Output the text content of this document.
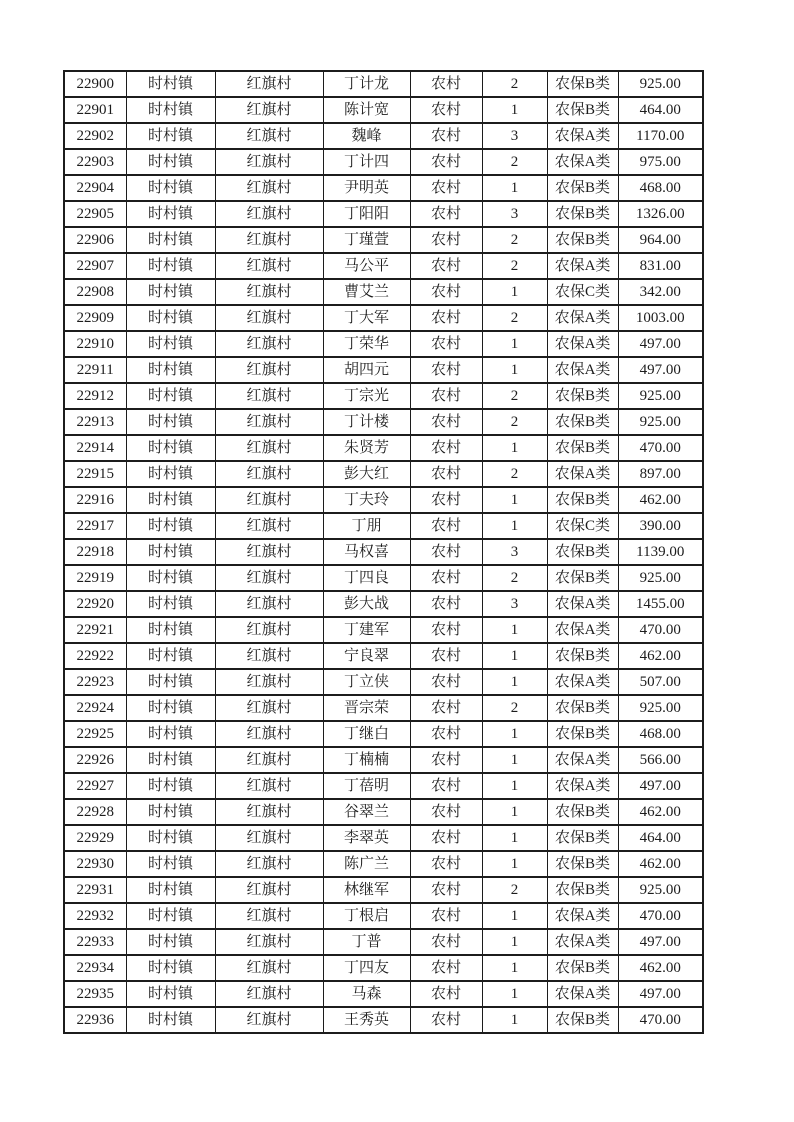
22900	时村镇	红旗村	丁计龙	农村	2	农保B类	925.00
22901	时村镇	红旗村	陈计宽	农村	1	农保B类	464.00
22902	时村镇	红旗村	魏峰	农村	3	农保A类	1170.00
22903	时村镇	红旗村	丁计四	农村	2	农保A类	975.00
22904	时村镇	红旗村	尹明英	农村	1	农保B类	468.00
22905	时村镇	红旗村	丁阳阳	农村	3	农保B类	1326.00
22906	时村镇	红旗村	丁瑾萱	农村	2	农保B类	964.00
22907	时村镇	红旗村	马公平	农村	2	农保A类	831.00
22908	时村镇	红旗村	曹艾兰	农村	1	农保C类	342.00
22909	时村镇	红旗村	丁大军	农村	2	农保A类	1003.00
22910	时村镇	红旗村	丁荣华	农村	1	农保A类	497.00
22911	时村镇	红旗村	胡四元	农村	1	农保A类	497.00
22912	时村镇	红旗村	丁宗光	农村	2	农保B类	925.00
22913	时村镇	红旗村	丁计楼	农村	2	农保B类	925.00
22914	时村镇	红旗村	朱贤芳	农村	1	农保B类	470.00
22915	时村镇	红旗村	彭大红	农村	2	农保A类	897.00
22916	时村镇	红旗村	丁夫玲	农村	1	农保B类	462.00
22917	时村镇	红旗村	丁朋	农村	1	农保C类	390.00
22918	时村镇	红旗村	马权喜	农村	3	农保B类	1139.00
22919	时村镇	红旗村	丁四良	农村	2	农保B类	925.00
22920	时村镇	红旗村	彭大战	农村	3	农保A类	1455.00
22921	时村镇	红旗村	丁建军	农村	1	农保A类	470.00
22922	时村镇	红旗村	宁良翠	农村	1	农保B类	462.00
22923	时村镇	红旗村	丁立侠	农村	1	农保A类	507.00
22924	时村镇	红旗村	晋宗荣	农村	2	农保B类	925.00
22925	时村镇	红旗村	丁继白	农村	1	农保B类	468.00
22926	时村镇	红旗村	丁楠楠	农村	1	农保A类	566.00
22927	时村镇	红旗村	丁蓓明	农村	1	农保A类	497.00
22928	时村镇	红旗村	谷翠兰	农村	1	农保B类	462.00
22929	时村镇	红旗村	李翠英	农村	1	农保B类	464.00
22930	时村镇	红旗村	陈广兰	农村	1	农保B类	462.00
22931	时村镇	红旗村	林继军	农村	2	农保B类	925.00
22932	时村镇	红旗村	丁根启	农村	1	农保A类	470.00
22933	时村镇	红旗村	丁普	农村	1	农保A类	497.00
22934	时村镇	红旗村	丁四友	农村	1	农保B类	462.00
22935	时村镇	红旗村	马森	农村	1	农保A类	497.00
22936	时村镇	红旗村	王秀英	农村	1	农保B类	470.00
